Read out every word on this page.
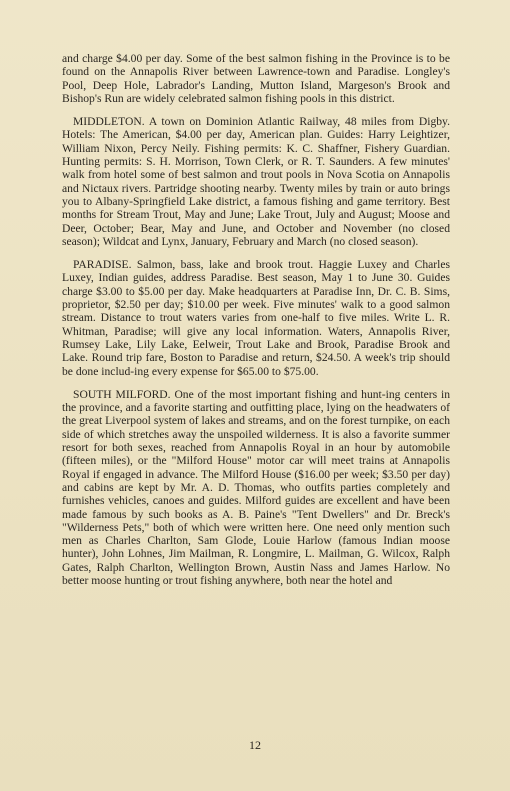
and charge $4.00 per day. Some of the best salmon fishing in the Province is to be found on the Annapolis River between Lawrence-town and Paradise. Longley's Pool, Deep Hole, Labrador's Landing, Mutton Island, Margeson's Brook and Bishop's Run are widely celebrated salmon fishing pools in this district.

MIDDLETON. A town on Dominion Atlantic Railway, 48 miles from Digby. Hotels: The American, $4.00 per day, American plan. Guides: Harry Leightizer, William Nixon, Percy Neily. Fishing permits: K. C. Shaffner, Fishery Guardian. Hunting permits: S. H. Morrison, Town Clerk, or R. T. Saunders. A few minutes' walk from hotel some of best salmon and trout pools in Nova Scotia on Annapolis and Nictaux rivers. Partridge shooting nearby. Twenty miles by train or auto brings you to Albany-Springfield Lake district, a famous fishing and game territory. Best months for Stream Trout, May and June; Lake Trout, July and August; Moose and Deer, October; Bear, May and June, and October and November (no closed season); Wildcat and Lynx, January, February and March (no closed season).

PARADISE. Salmon, bass, lake and brook trout. Haggie Luxey and Charles Luxey, Indian guides, address Paradise. Best season, May 1 to June 30. Guides charge $3.00 to $5.00 per day. Make headquarters at Paradise Inn, Dr. C. B. Sims, proprietor, $2.50 per day; $10.00 per week. Five minutes' walk to a good salmon stream. Distance to trout waters varies from one-half to five miles. Write L. R. Whitman, Paradise; will give any local information. Waters, Annapolis River, Rumsey Lake, Lily Lake, Eelweir, Trout Lake and Brook, Paradise Brook and Lake. Round trip fare, Boston to Paradise and return, $24.50. A week's trip should be done includ-ing every expense for $65.00 to $75.00.

SOUTH MILFORD. One of the most important fishing and hunt-ing centers in the province, and a favorite starting and outfitting place, lying on the headwaters of the great Liverpool system of lakes and streams, and on the forest turnpike, on each side of which stretches away the unspoiled wilderness. It is also a favorite summer resort for both sexes, reached from Annapolis Royal in an hour by automobile (fifteen miles), or the "Milford House" motor car will meet trains at Annapolis Royal if engaged in advance. The Milford House ($16.00 per week; $3.50 per day) and cabins are kept by Mr. A. D. Thomas, who outfits parties completely and furnishes vehicles, canoes and guides. Milford guides are excellent and have been made famous by such books as A. B. Paine's "Tent Dwellers" and Dr. Breck's "Wilderness Pets," both of which were written here. One need only mention such men as Charles Charlton, Sam Glode, Louie Harlow (famous Indian moose hunter), John Lohnes, Jim Mailman, R. Longmire, L. Mailman, G. Wilcox, Ralph Gates, Ralph Charlton, Wellington Brown, Austin Nass and James Harlow. No better moose hunting or trout fishing anywhere, both near the hotel and

12
